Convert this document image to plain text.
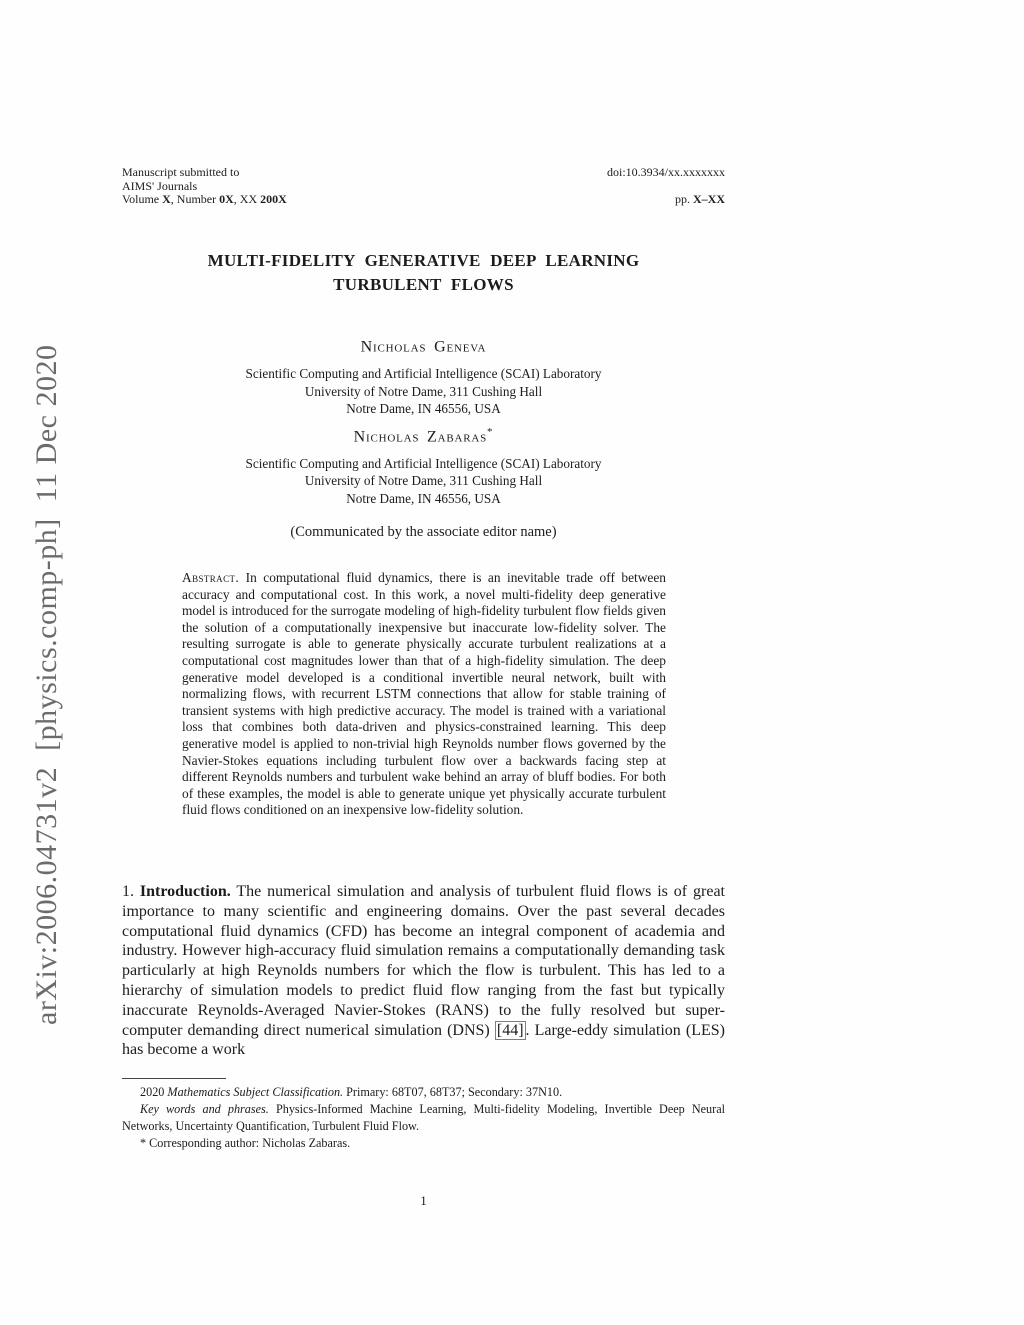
arXiv:2006.04731v2  [physics.comp-ph]  11 Dec 2020
Manuscript submitted to
AIMS' Journals
Volume X, Number 0X, XX 200X
doi:10.3934/xx.xxxxxxx
pp. X–XX
MULTI-FIDELITY GENERATIVE DEEP LEARNING
TURBULENT FLOWS
Nicholas Geneva
Scientific Computing and Artificial Intelligence (SCAI) Laboratory
University of Notre Dame, 311 Cushing Hall
Notre Dame, IN 46556, USA
Nicholas Zabaras*
Scientific Computing and Artificial Intelligence (SCAI) Laboratory
University of Notre Dame, 311 Cushing Hall
Notre Dame, IN 46556, USA
(Communicated by the associate editor name)
Abstract. In computational fluid dynamics, there is an inevitable trade off between accuracy and computational cost. In this work, a novel multi-fidelity deep generative model is introduced for the surrogate modeling of high-fidelity turbulent flow fields given the solution of a computationally inexpensive but inaccurate low-fidelity solver. The resulting surrogate is able to generate physically accurate turbulent realizations at a computational cost magnitudes lower than that of a high-fidelity simulation. The deep generative model developed is a conditional invertible neural network, built with normalizing flows, with recurrent LSTM connections that allow for stable training of transient systems with high predictive accuracy. The model is trained with a variational loss that combines both data-driven and physics-constrained learning. This deep generative model is applied to non-trivial high Reynolds number flows governed by the Navier-Stokes equations including turbulent flow over a backwards facing step at different Reynolds numbers and turbulent wake behind an array of bluff bodies. For both of these examples, the model is able to generate unique yet physically accurate turbulent fluid flows conditioned on an inexpensive low-fidelity solution.
1. Introduction. The numerical simulation and analysis of turbulent fluid flows is of great importance to many scientific and engineering domains. Over the past several decades computational fluid dynamics (CFD) has become an integral component of academia and industry. However high-accuracy fluid simulation remains a computationally demanding task particularly at high Reynolds numbers for which the flow is turbulent. This has led to a hierarchy of simulation models to predict fluid flow ranging from the fast but typically inaccurate Reynolds-Averaged Navier-Stokes (RANS) to the fully resolved but super-computer demanding direct numerical simulation (DNS) [44] . Large-eddy simulation (LES) has become a work

2020 Mathematics Subject Classification. Primary: 68T07, 68T37; Secondary: 37N10.

Key words and phrases. Physics-Informed Machine Learning, Multi-fidelity Modeling, Invertible Deep Neural Networks, Uncertainty Quantification, Turbulent Fluid Flow.

* Corresponding author: Nicholas Zabaras.

1
